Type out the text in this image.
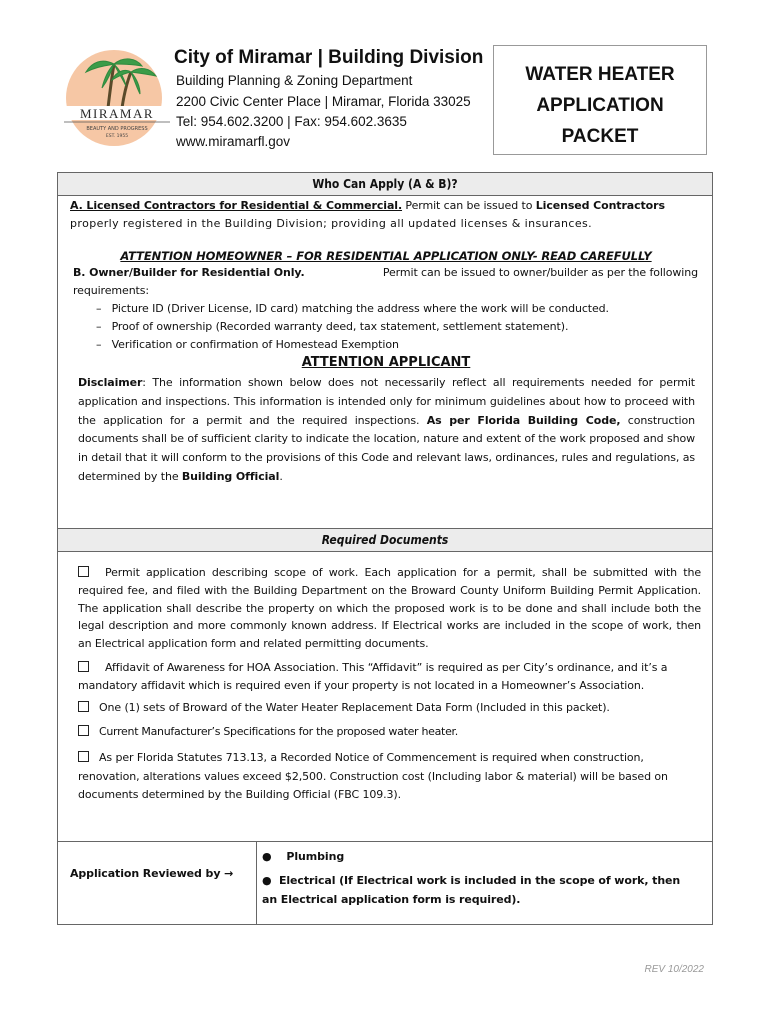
MIRAMAR
BEAUTY AND PROGRESS
EST. 1955
City of Miramar | Building Division
Building Planning & Zoning Department
2200 Civic Center Place | Miramar, Florida 33025
Tel: 954.602.3200 | Fax: 954.602.3635
www.miramarfl.gov
WATER HEATER
APPLICATION
PACKET
Who Can Apply (A & B)?
A. Licensed Contractors for Residential & Commercial. Permit can be issued to Licensed Contractors
properly registered in the Building Division; providing all updated licenses & insurances.
ATTENTION HOMEOWNER – FOR RESIDENTIAL APPLICATION ONLY- READ CAREFULLY
B. Owner/Builder for Residential Only.	Permit can be issued to owner/builder as per the following
requirements:
–   Picture ID (Driver License, ID card) matching the address where the work will be conducted.
–   Proof of ownership (Recorded warranty deed, tax statement, settlement statement).
–   Verification or confirmation of Homestead Exemption
ATTENTION APPLICANT
Disclaimer: The information shown below does not necessarily reflect all requirements needed for permit application and inspections. This information is intended only for minimum guidelines about how to proceed with the application for a permit and the required inspections. As per Florida Building Code, construction documents shall be of sufficient clarity to indicate the location, nature and extent of the work proposed and show in detail that it will conform to the provisions of this Code and relevant laws, ordinances, rules and regulations, as determined by the Building Official.
Required Documents
Permit application describing scope of work. Each application for a permit, shall be submitted with the required fee, and filed with the Building Department on the Broward County Uniform Building Permit Application. The application shall describe the property on which the proposed work is to be done and shall include both the legal description and more commonly known address. If Electrical works are included in the scope of work, then an Electrical application form and related permitting documents.
Affidavit of Awareness for HOA Association. This “Affidavit” is required as per City’s ordinance, and it’s a mandatory affidavit which is required even if your property is not located in a Homeowner’s Association.
One (1) sets of Broward of the Water Heater Replacement Data Form (Included in this packet).
Current Manufacturer’s Specifications for the proposed water heater.
As per Florida Statutes 713.13, a Recorded Notice of Commencement is required when construction, renovation, alterations values exceed $2,500. Construction cost (Including labor & material) will be based on documents determined by the Building Official (FBC 109.3).
Application Reviewed by →
● Plumbing
● Electrical (If Electrical work is included in the scope of work, then an Electrical application form is required).
REV 10/2022
